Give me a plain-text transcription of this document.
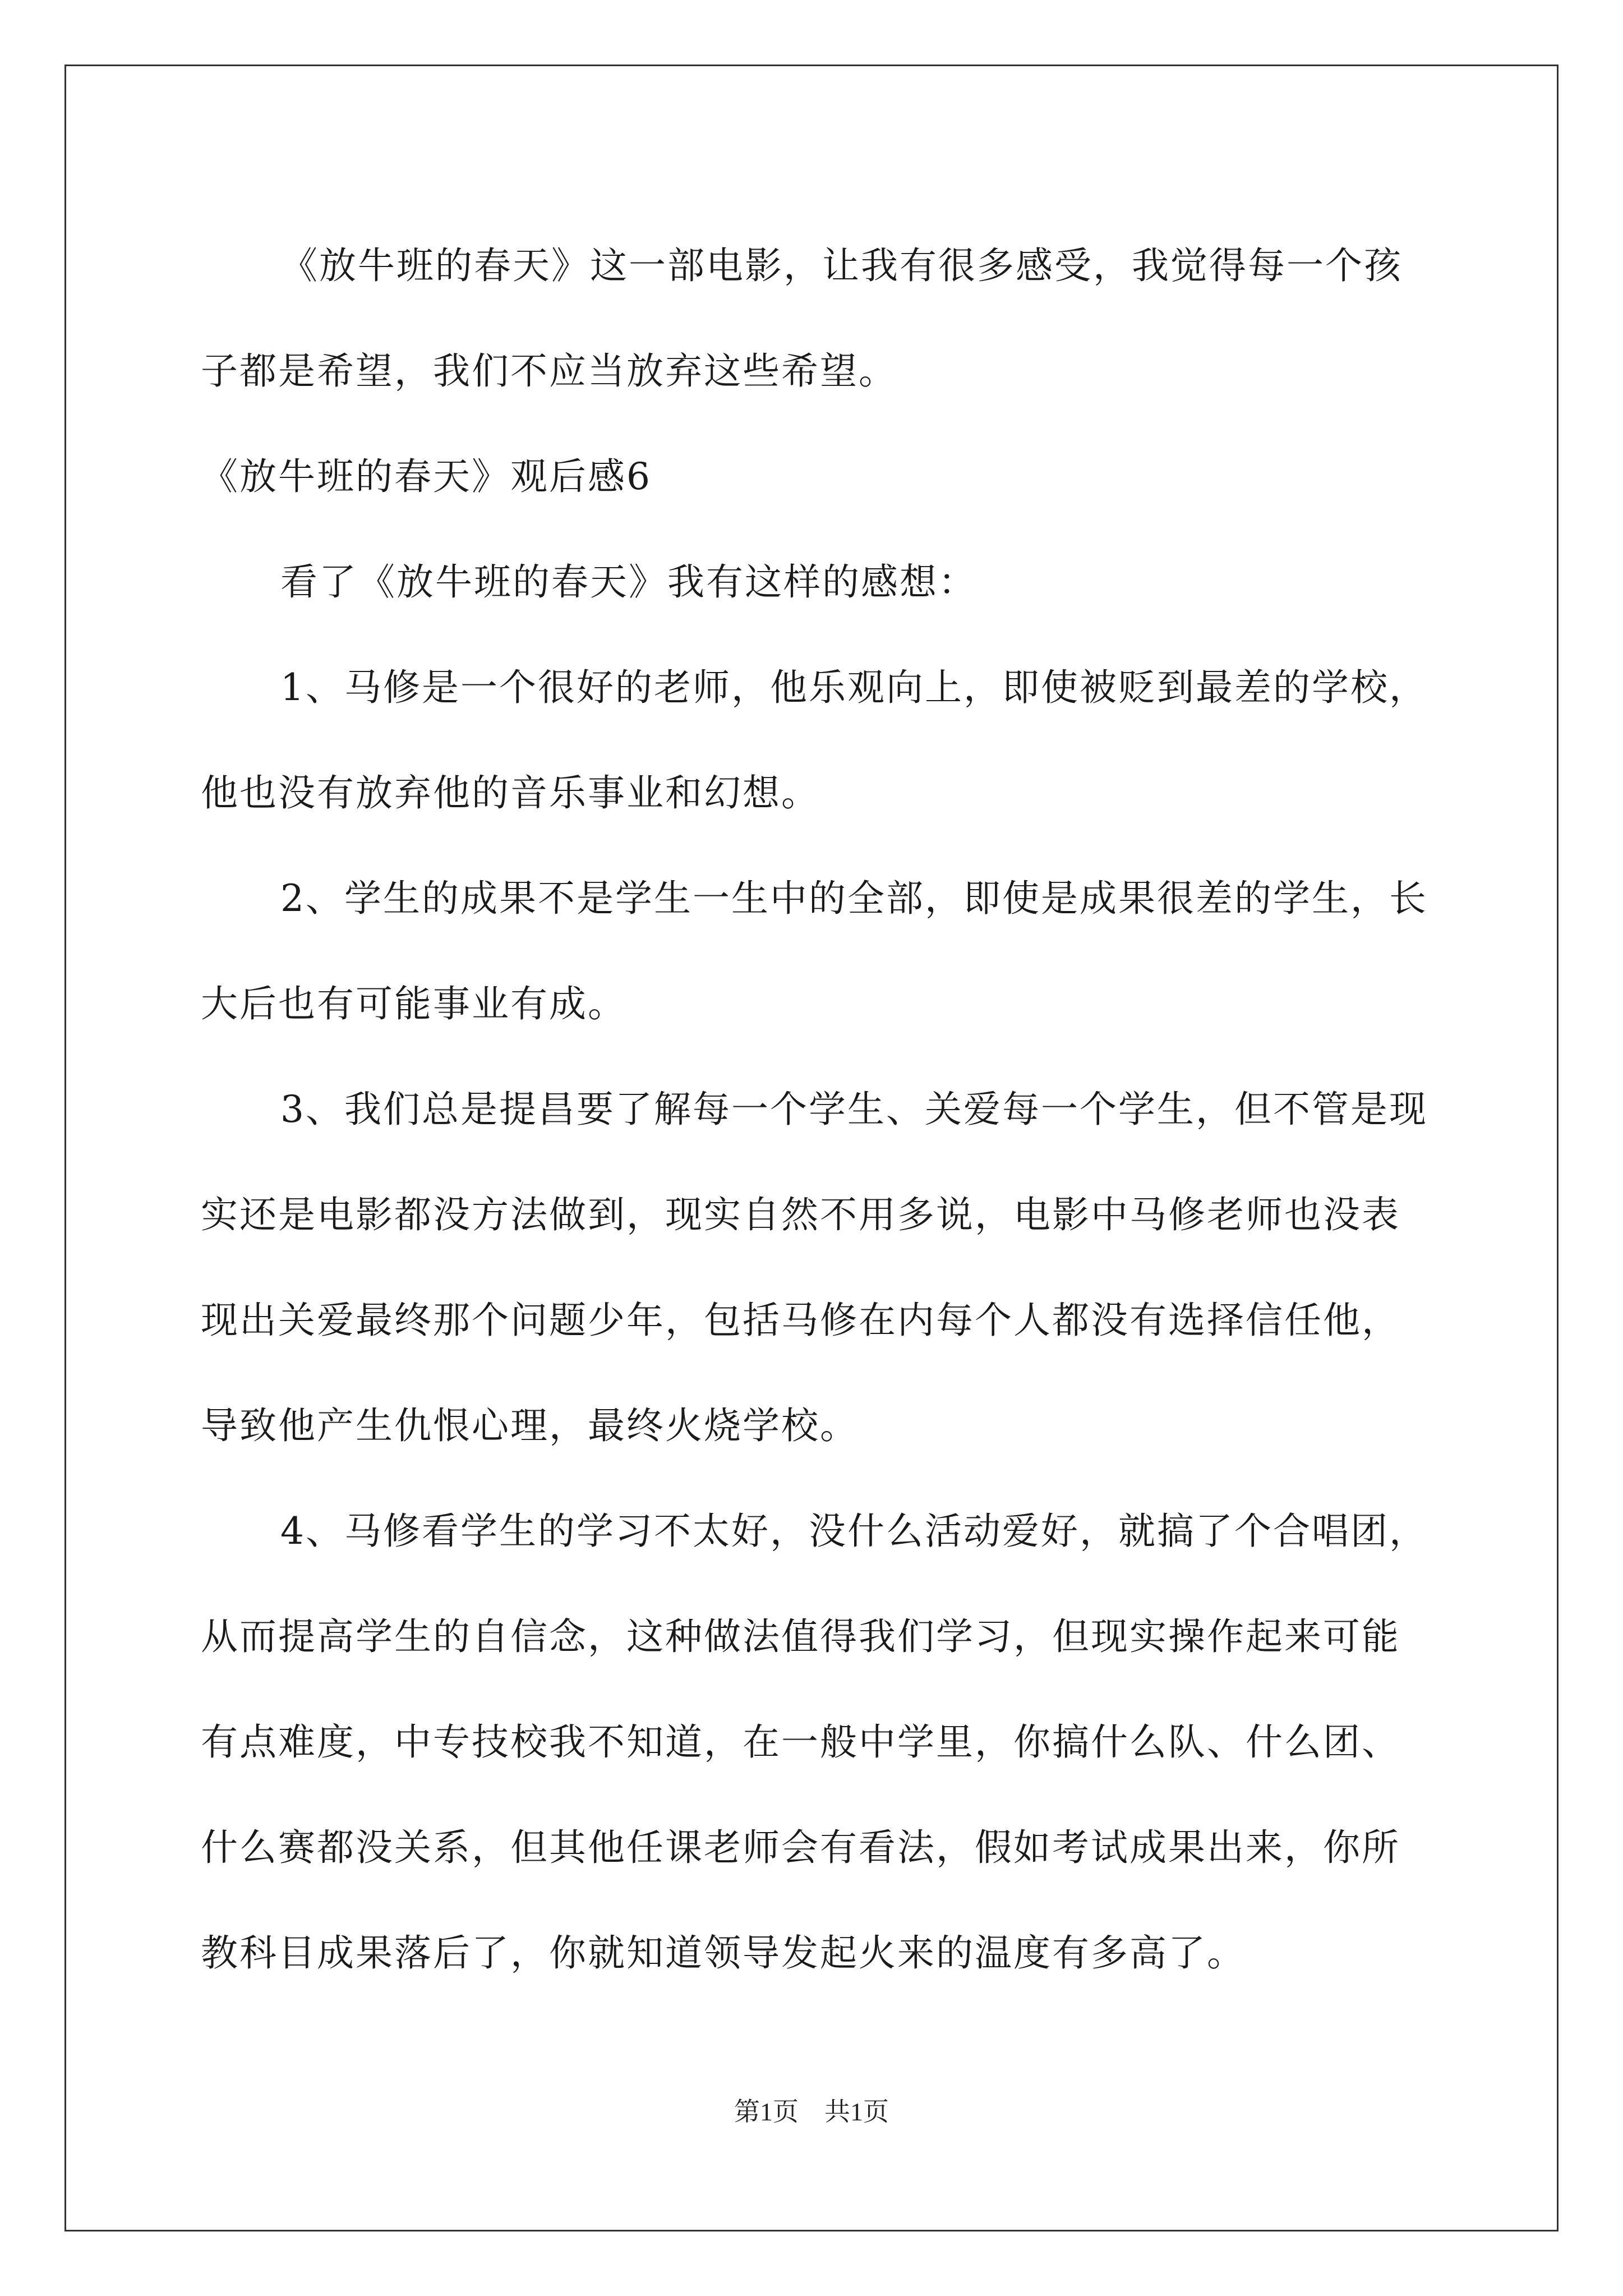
《放牛班的春天》这一部电影，让我有很多感受，我觉得每一个孩子都是希望，我们不应当放弃这些希望。

《放牛班的春天》观后感6

看了《放牛班的春天》我有这样的感想：

1、马修是一个很好的老师，他乐观向上，即使被贬到最差的学校，他也没有放弃他的音乐事业和幻想。

2、学生的成果不是学生一生中的全部，即使是成果很差的学生，长大后也有可能事业有成。

3、我们总是提昌要了解每一个学生、关爱每一个学生，但不管是现实还是电影都没方法做到，现实自然不用多说，电影中马修老师也没表现出关爱最终那个问题少年，包括马修在内每个人都没有选择信任他，导致他产生仇恨心理，最终火烧学校。

4、马修看学生的学习不太好，没什么活动爱好，就搞了个合唱团，从而提高学生的自信念，这种做法值得我们学习，但现实操作起来可能有点难度，中专技校我不知道，在一般中学里，你搞什么队、什么团、什么赛都没关系，但其他任课老师会有看法，假如考试成果出来，你所教科目成果落后了，你就知道领导发起火来的温度有多高了。

第1页　共1页
